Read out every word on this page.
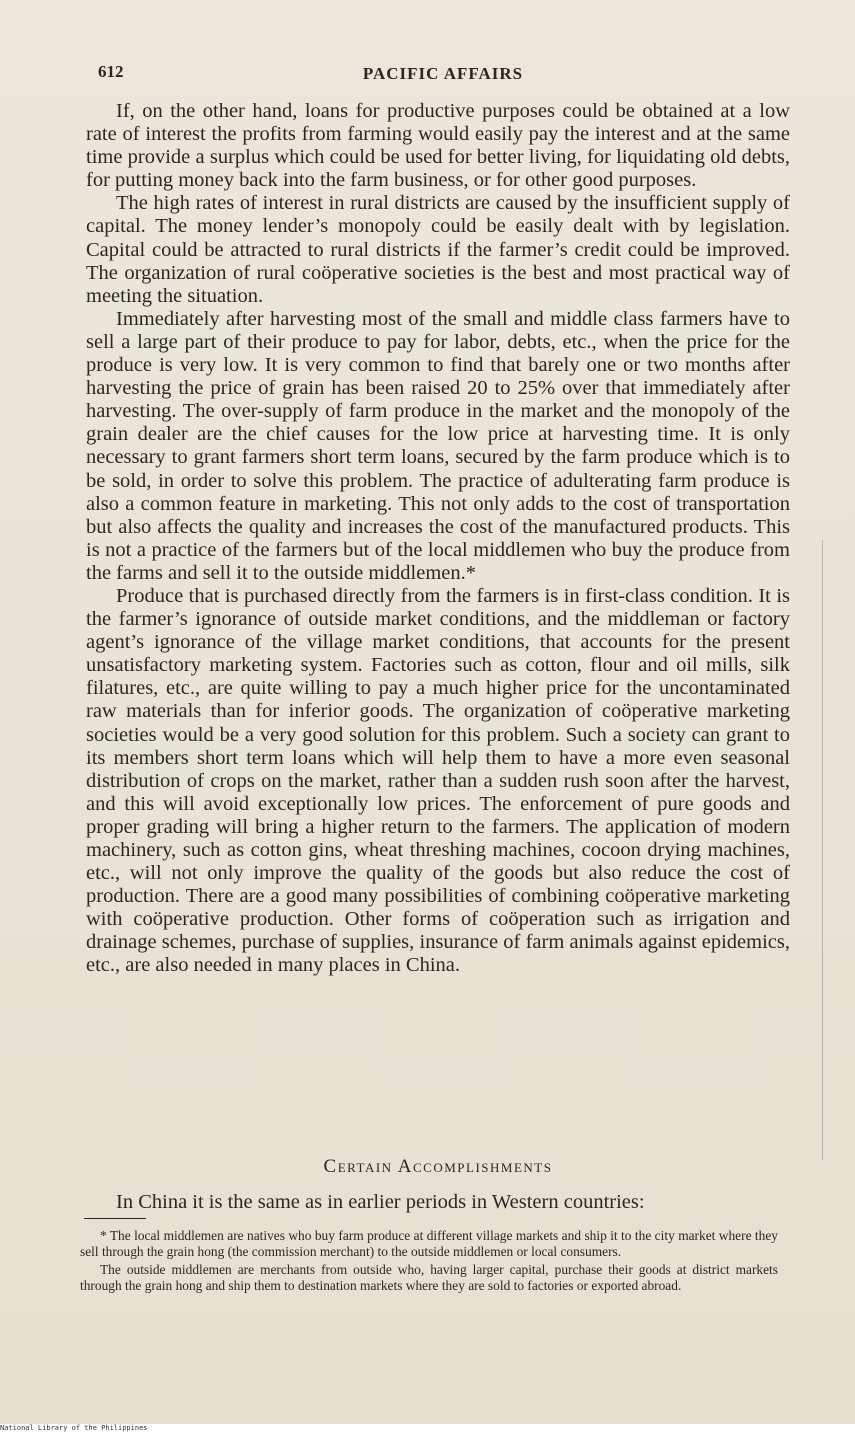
612	PACIFIC AFFAIRS

If, on the other hand, loans for productive purposes could be obtained at a low rate of interest the profits from farming would easily pay the interest and at the same time provide a surplus which could be used for better living, for liquidating old debts, for putting money back into the farm business, or for other good purposes.

The high rates of interest in rural districts are caused by the insufficient supply of capital. The money lender’s monopoly could be easily dealt with by legislation. Capital could be attracted to rural districts if the farmer’s credit could be improved. The organization of rural coöperative societies is the best and most practical way of meeting the situation.

Immediately after harvesting most of the small and middle class farmers have to sell a large part of their produce to pay for labor, debts, etc., when the price for the produce is very low. It is very common to find that barely one or two months after harvesting the price of grain has been raised 20 to 25% over that immediately after harvesting. The over-supply of farm produce in the market and the monopoly of the grain dealer are the chief causes for the low price at harvesting time. It is only necessary to grant farmers short term loans, secured by the farm produce which is to be sold, in order to solve this problem. The practice of adulterating farm produce is also a common feature in marketing. This not only adds to the cost of transportation but also affects the quality and increases the cost of the manufactured products. This is not a practice of the farmers but of the local middlemen who buy the produce from the farms and sell it to the outside middlemen.*

Produce that is purchased directly from the farmers is in first-class condition. It is the farmer’s ignorance of outside market conditions, and the middleman or factory agent’s ignorance of the village market conditions, that accounts for the present unsatisfactory marketing system. Factories such as cotton, flour and oil mills, silk filatures, etc., are quite willing to pay a much higher price for the uncontaminated raw materials than for inferior goods. The organization of coöperative marketing societies would be a very good solution for this problem. Such a society can grant to its members short term loans which will help them to have a more even seasonal distribution of crops on the market, rather than a sudden rush soon after the harvest, and this will avoid exceptionally low prices. The enforcement of pure goods and proper grading will bring a higher return to the farmers. The application of modern machinery, such as cotton gins, wheat threshing machines, cocoon drying machines, etc., will not only improve the quality of the goods but also reduce the cost of production. There are a good many possibilities of combining coöperative marketing with coöperative production. Other forms of coöperation such as irrigation and drainage schemes, purchase of supplies, insurance of farm animals against epidemics, etc., are also needed in many places in China.

Certain Accomplishments

In China it is the same as in earlier periods in Western countries:

* The local middlemen are natives who buy farm produce at different village markets and ship it to the city market where they sell through the grain hong (the commission merchant) to the outside middlemen or local consumers.

The outside middlemen are merchants from outside who, having larger capital, purchase their goods at district markets through the grain hong and ship them to destination markets where they are sold to factories or exported abroad.

National Library of the Philippines
